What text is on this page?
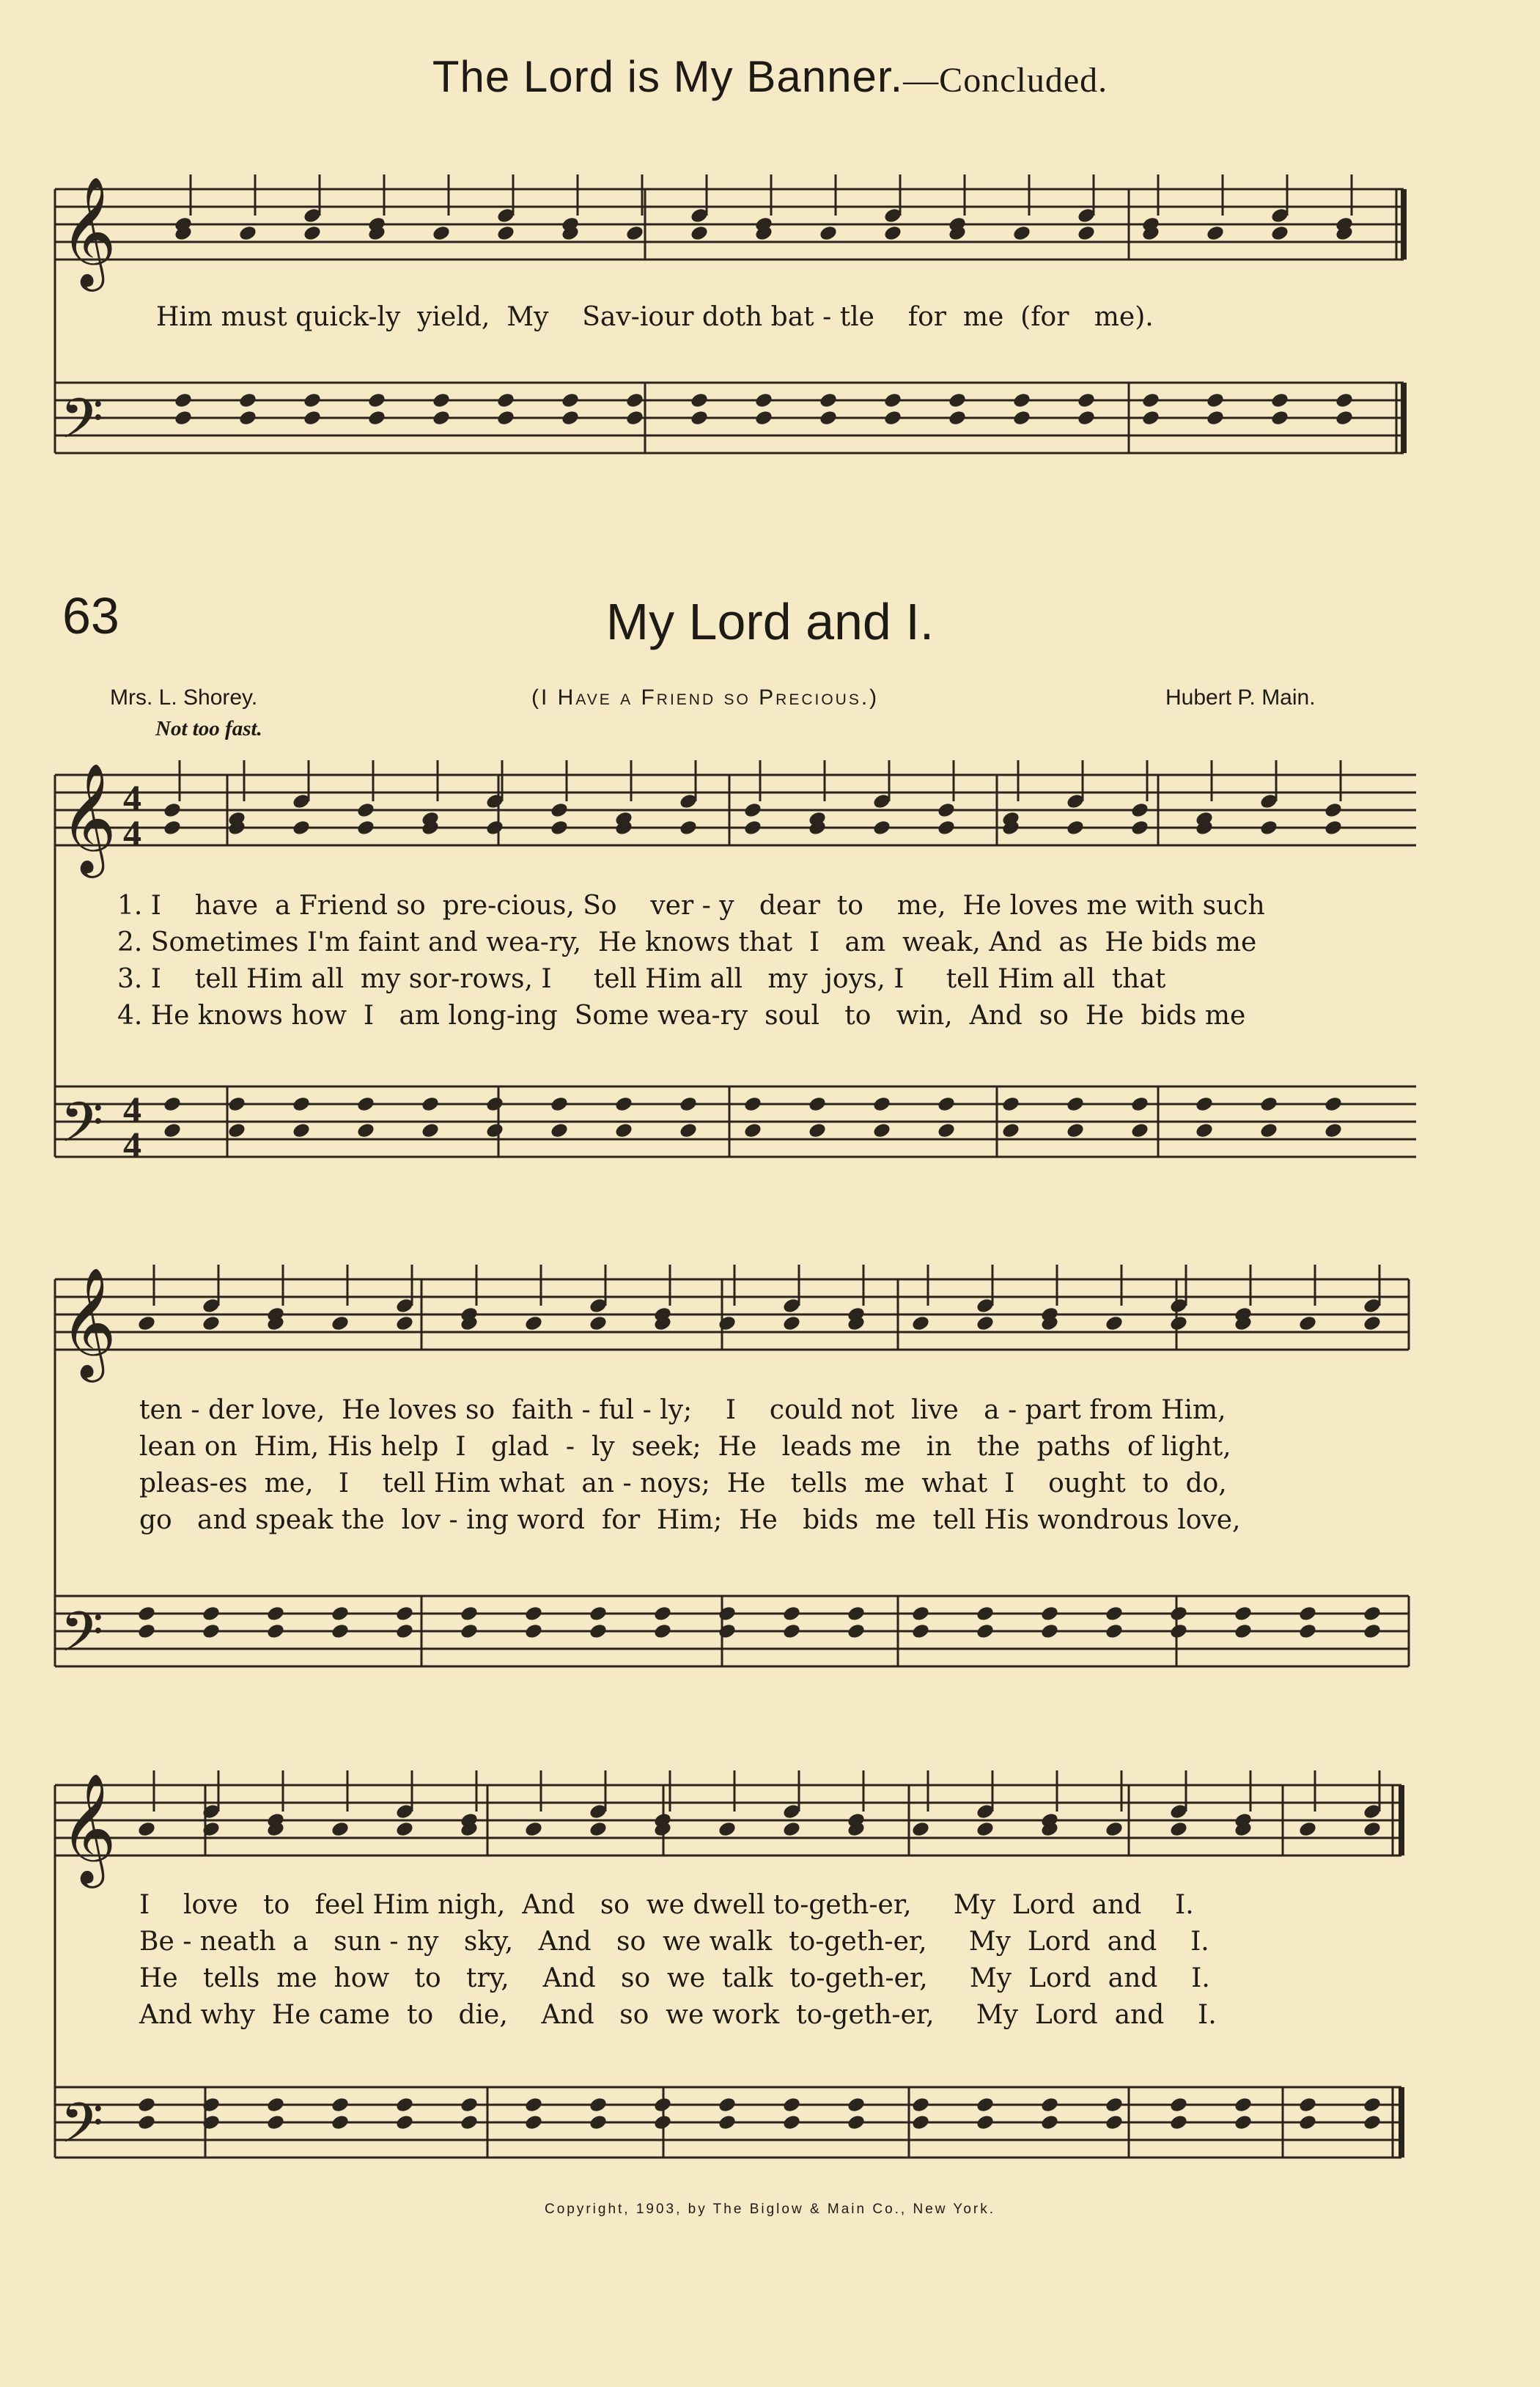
The Lord is My Banner.—Concluded.
𝄞
𝄢
𝄞
𝄢
𝄞
𝄢
𝄞
𝄢
4
4
4
4
Him must quick-ly  yield,  My    Sav-iour doth bat - tle    for  me  (for   me).
63	My Lord and I.
Mrs. L. Shorey.	(I Have a Friend so Precious.)	Hubert P. Main.
Not too fast.
1. I    have  a Friend so  pre-cious, So    ver - y   dear  to    me,  He loves me with such
2. Sometimes I'm faint and wea-ry,  He knows that  I   am  weak, And  as  He bids me
3. I    tell Him all  my sor-rows, I     tell Him all   my  joys, I     tell Him all  that
4. He knows how  I   am long-ing  Some wea-ry  soul   to   win,  And  so  He  bids me
ten - der love,  He loves so  faith - ful - ly;    I    could not  live   a - part from Him,
lean on  Him, His help  I   glad  -  ly  seek;  He   leads me   in   the  paths  of light,
pleas-es  me,   I    tell Him what  an - noys;  He   tells  me  what  I    ought  to  do,
go   and speak the  lov - ing word  for  Him;  He   bids  me  tell His wondrous love,
I    love   to   feel Him nigh,  And   so  we dwell to-geth-er,     My  Lord  and    I.
Be - neath  a   sun - ny   sky,   And   so  we walk  to-geth-er,     My  Lord  and    I.
He   tells  me  how   to   try,    And   so  we  talk  to-geth-er,     My  Lord  and    I.
And why  He came  to   die,    And   so  we work  to-geth-er,     My  Lord  and    I.
Copyright, 1903, by The Biglow & Main Co., New York.
